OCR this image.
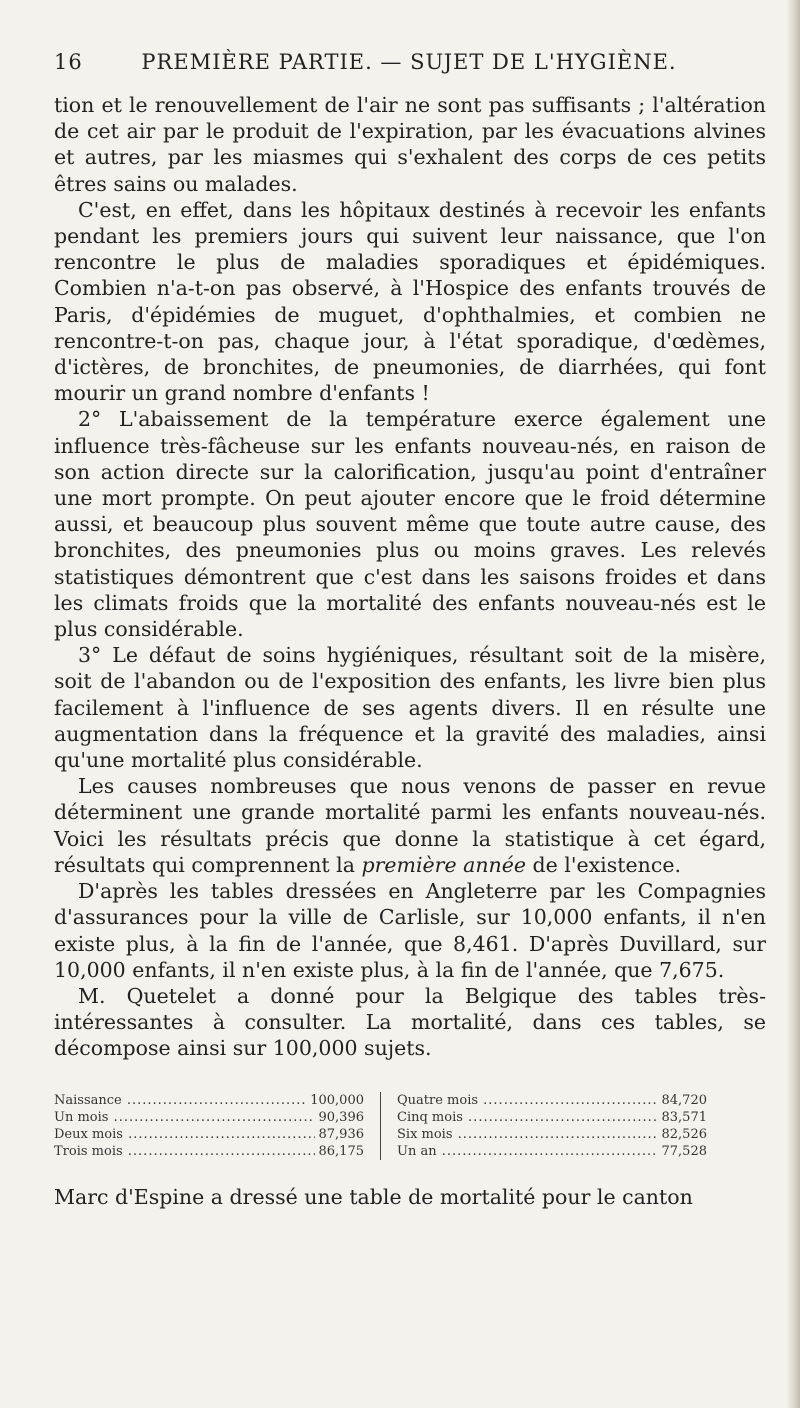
16	PREMIÈRE PARTIE. — SUJET DE L'HYGIÈNE.

tion et le renouvellement de l'air ne sont pas suffisants ; l'altération de cet air par le produit de l'expiration, par les évacuations alvines et autres, par les miasmes qui s'exhalent des corps de ces petits êtres sains ou malades.

C'est, en effet, dans les hôpitaux destinés à recevoir les enfants pendant les premiers jours qui suivent leur naissance, que l'on rencontre le plus de maladies sporadiques et épidémiques. Combien n'a-t-on pas observé, à l'Hospice des enfants trouvés de Paris, d'épidémies de muguet, d'ophthalmies, et combien ne rencontre-t-on pas, chaque jour, à l'état sporadique, d'œdèmes, d'ictères, de bronchites, de pneumonies, de diarrhées, qui font mourir un grand nombre d'enfants !

2° L'abaissement de la température exerce également une influence très-fâcheuse sur les enfants nouveau-nés, en raison de son action directe sur la calorification, jusqu'au point d'entraîner une mort prompte. On peut ajouter encore que le froid détermine aussi, et beaucoup plus souvent même que toute autre cause, des bronchites, des pneumonies plus ou moins graves. Les relevés statistiques démontrent que c'est dans les saisons froides et dans les climats froids que la mortalité des enfants nouveau-nés est le plus considérable.

3° Le défaut de soins hygiéniques, résultant soit de la misère, soit de l'abandon ou de l'exposition des enfants, les livre bien plus facilement à l'influence de ses agents divers. Il en résulte une augmentation dans la fréquence et la gravité des maladies, ainsi qu'une mortalité plus considérable.

Les causes nombreuses que nous venons de passer en revue déterminent une grande mortalité parmi les enfants nouveau-nés. Voici les résultats précis que donne la statistique à cet égard, résultats qui comprennent la première année de l'existence.

D'après les tables dressées en Angleterre par les Compagnies d'assurances pour la ville de Carlisle, sur 10,000 enfants, il n'en existe plus, à la fin de l'année, que 8,461. D'après Duvillard, sur 10,000 enfants, il n'en existe plus, à la fin de l'année, que 7,675.

M. Quetelet a donné pour la Belgique des tables très-intéressantes à consulter. La mortalité, dans ces tables, se décompose ainsi sur 100,000 sujets.

Naissance .....	100,000
Un mois .....	90,396
Deux mois .....	87,936
Trois mois .....	86,175
Quatre mois .....	84,720
Cinq mois .....	83,571
Six mois .....	82,526
Un an .....	77,528
Marc d'Espine a dressé une table de mortalité pour le canton
